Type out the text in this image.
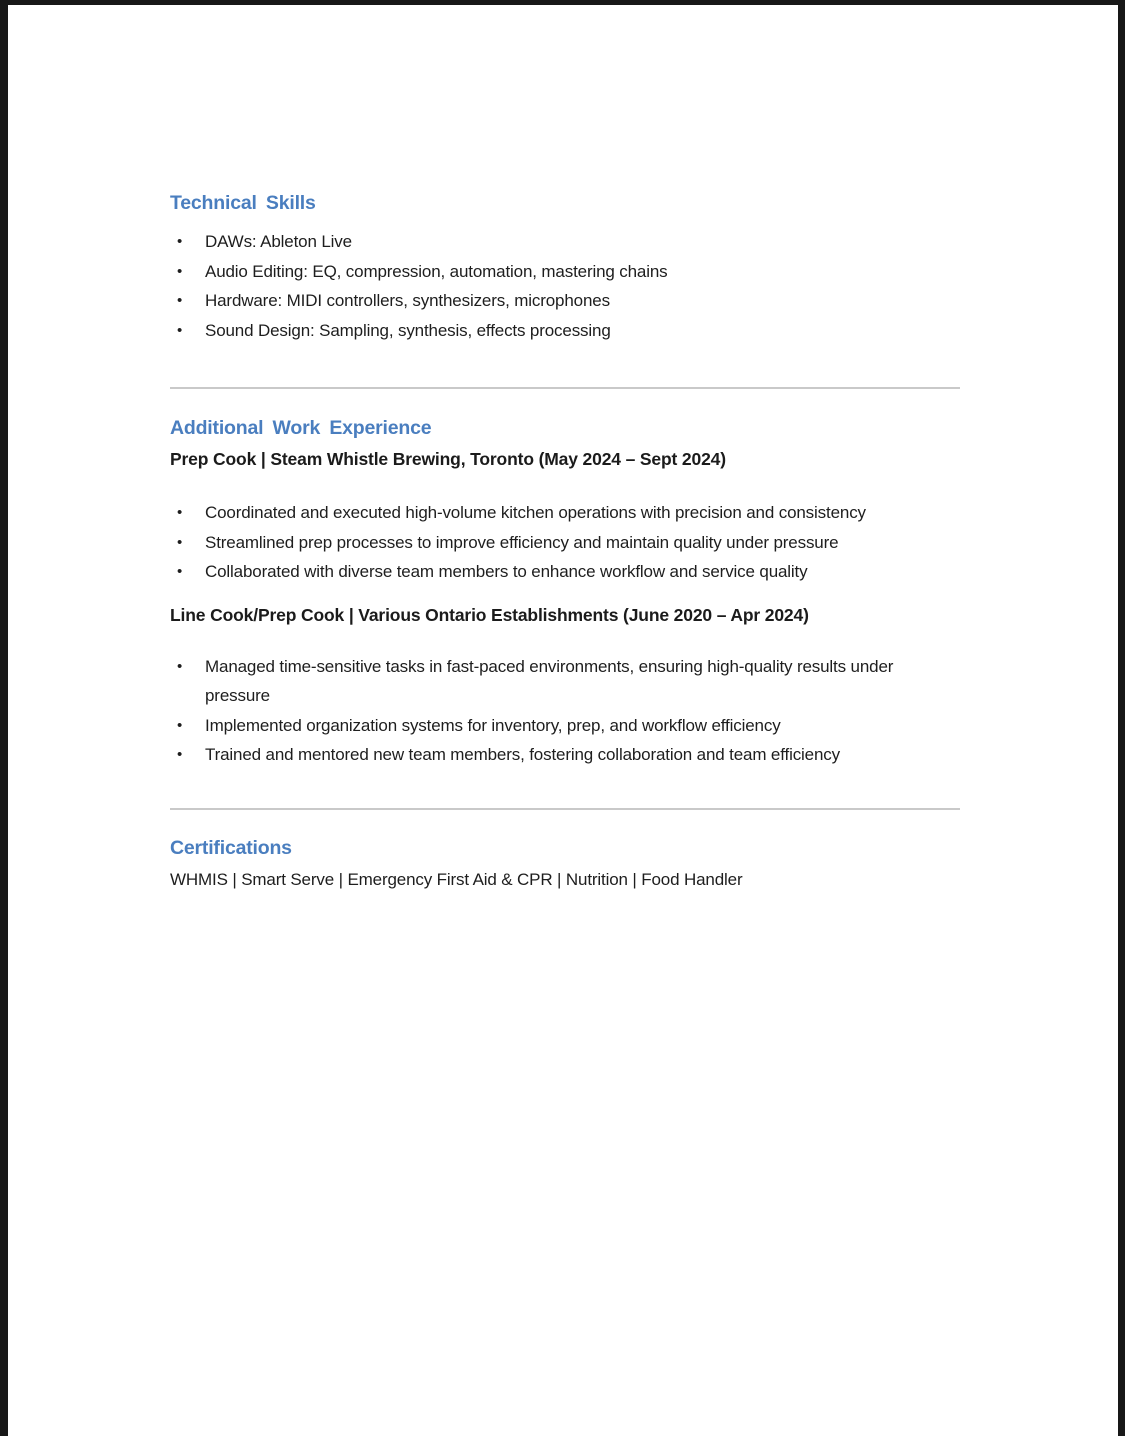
Technical Skills
•	DAWs: Ableton Live
•	Audio Editing: EQ, compression, automation, mastering chains
•	Hardware: MIDI controllers, synthesizers, microphones
•	Sound Design: Sampling, synthesis, effects processing
Additional Work Experience

Prep Cook | Steam Whistle Brewing, Toronto (May 2024 – Sept 2024)

•	Coordinated and executed high-volume kitchen operations with precision and consistency
•	Streamlined prep processes to improve efficiency and maintain quality under pressure
•	Collaborated with diverse team members to enhance workflow and service quality

Line Cook/Prep Cook | Various Ontario Establishments (June 2020 – Apr 2024)

•	Managed time-sensitive tasks in fast-paced environments, ensuring high-quality results under pressure
•	Implemented organization systems for inventory, prep, and workflow efficiency
•	Trained and mentored new team members, fostering collaboration and team efficiency
Certifications

WHMIS | Smart Serve | Emergency First Aid & CPR | Nutrition | Food Handler
